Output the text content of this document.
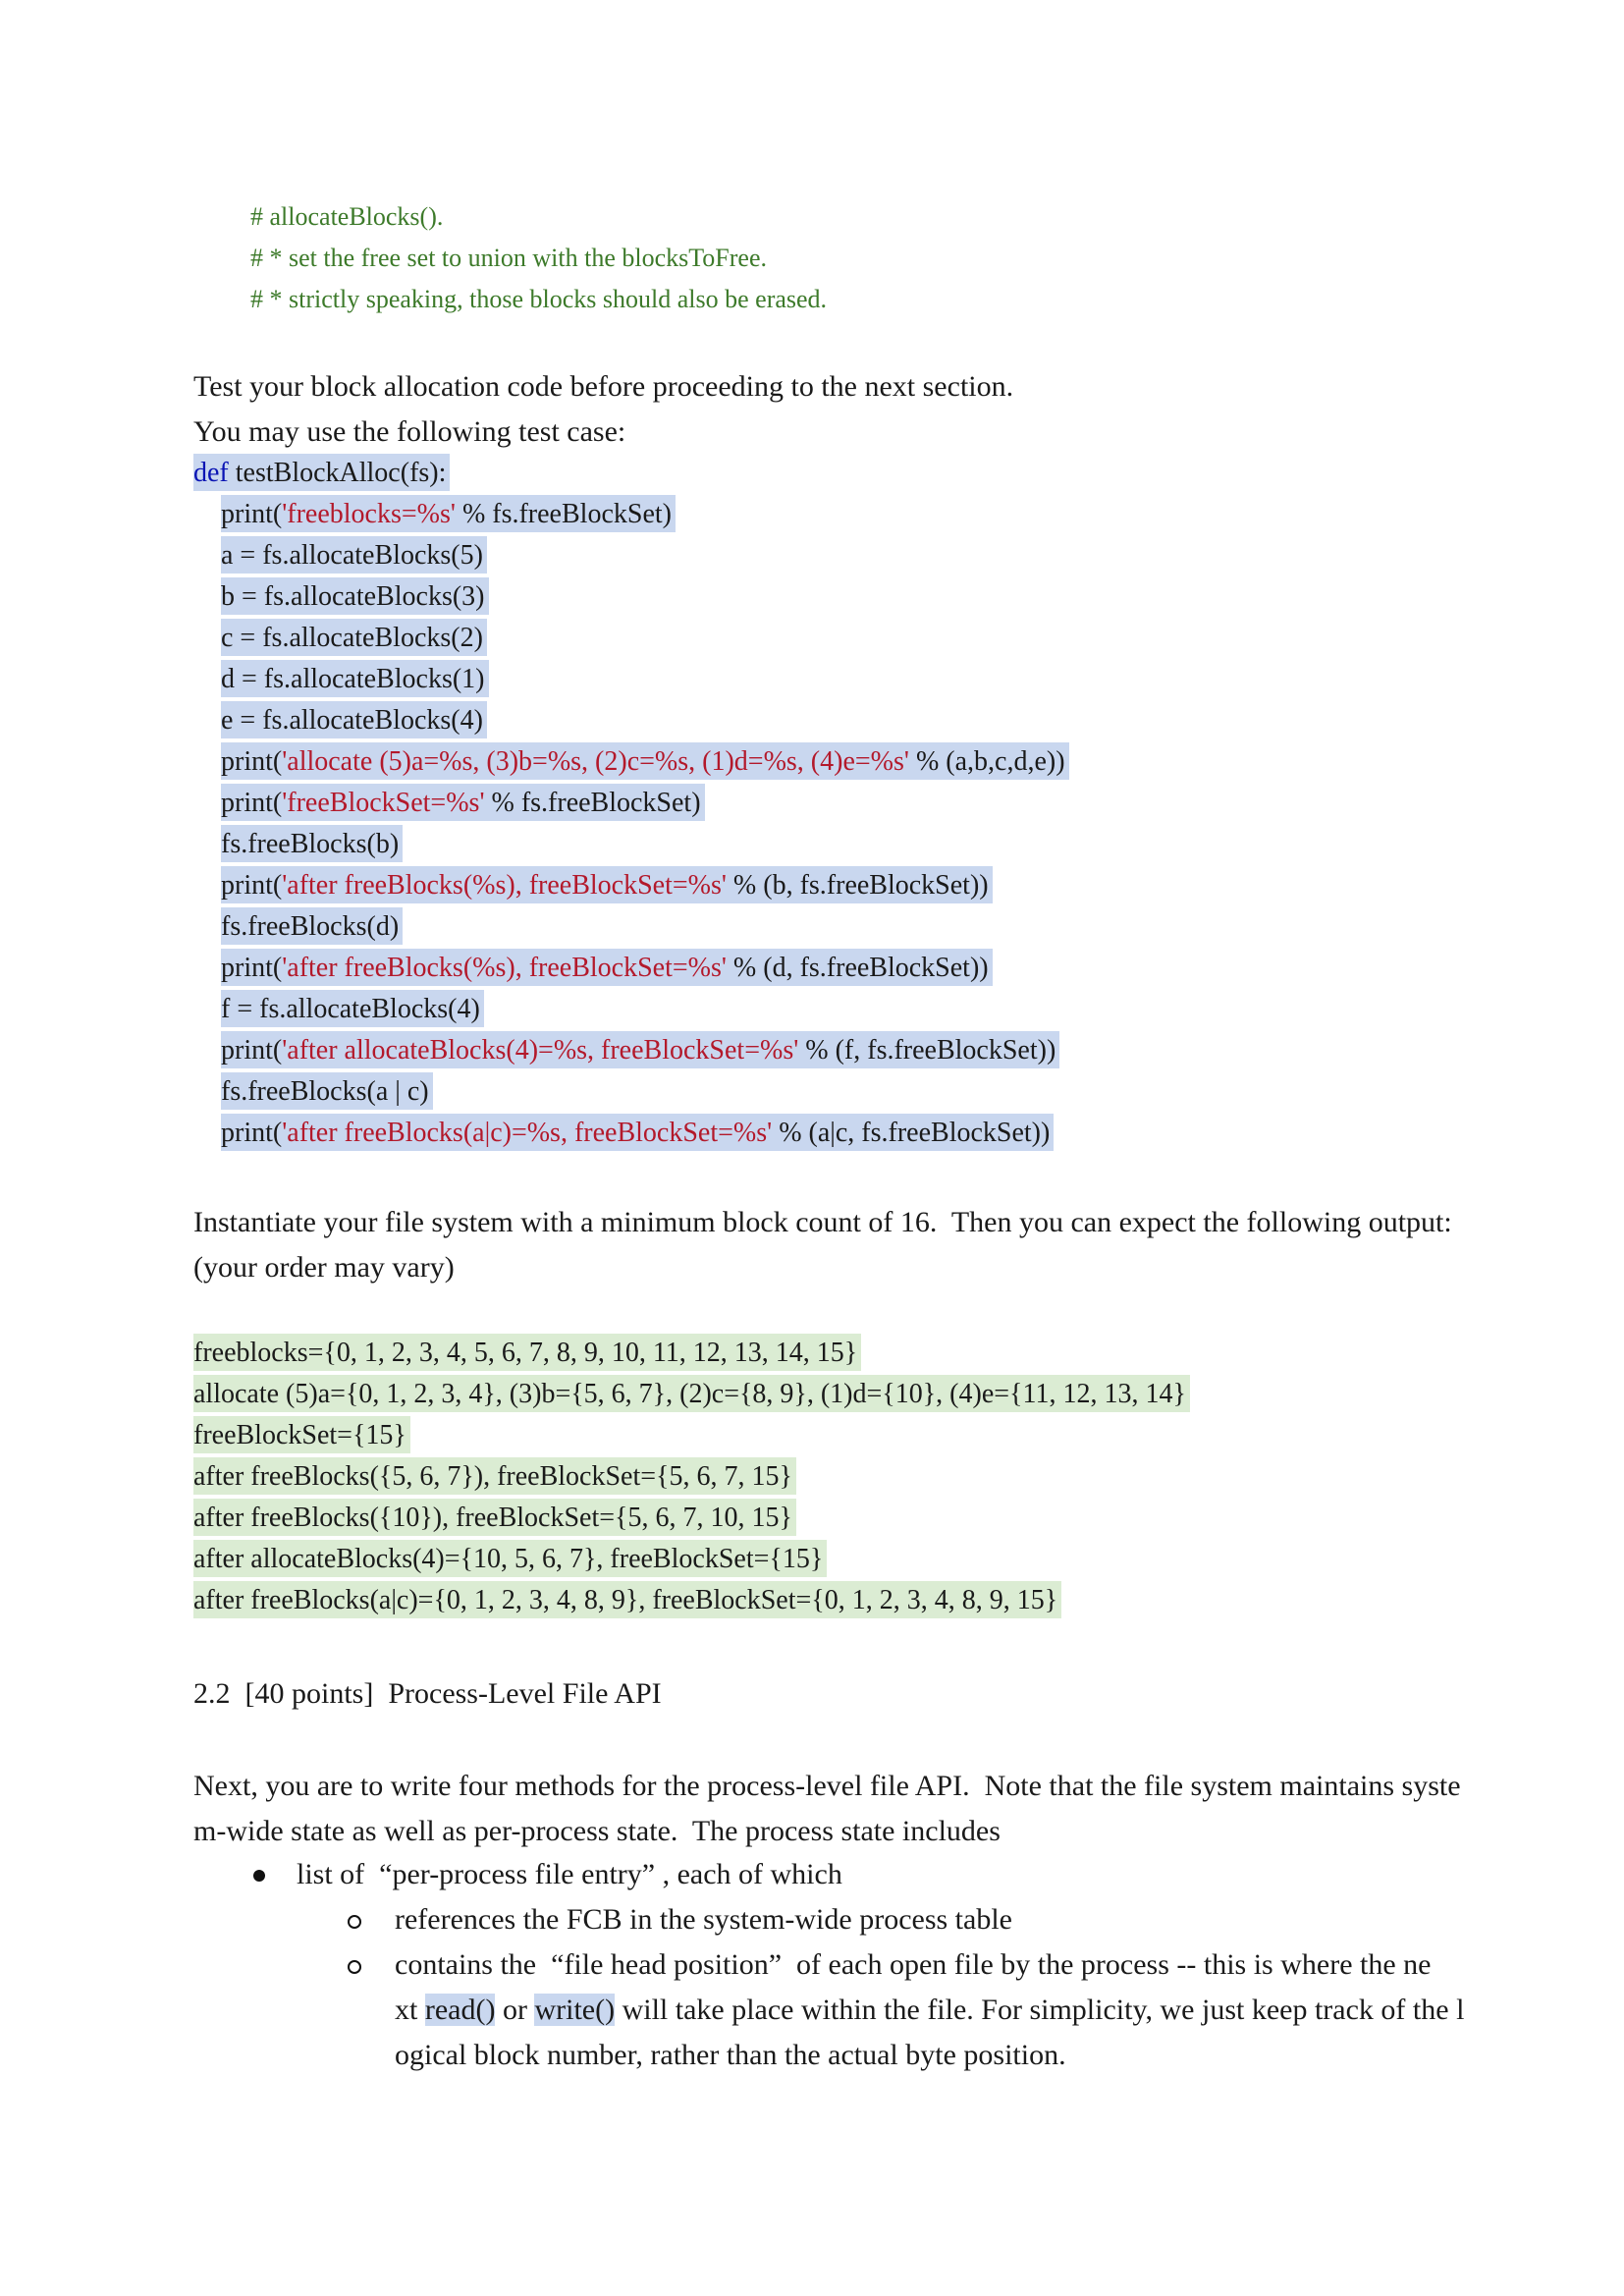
# allocateBlocks().
# * set the free set to union with the blocksToFree.
# * strictly speaking, those blocks should also be erased.
Test your block allocation code before proceeding to the next section.
You may use the following test case:
def testBlockAlloc(fs):
print('freeblocks=%s' % fs.freeBlockSet)
a = fs.allocateBlocks(5)
b = fs.allocateBlocks(3)
c = fs.allocateBlocks(2)
d = fs.allocateBlocks(1)
e = fs.allocateBlocks(4)
print('allocate (5)a=%s, (3)b=%s, (2)c=%s, (1)d=%s, (4)e=%s' % (a,b,c,d,e))
print('freeBlockSet=%s' % fs.freeBlockSet)
fs.freeBlocks(b)
print('after freeBlocks(%s), freeBlockSet=%s' % (b, fs.freeBlockSet))
fs.freeBlocks(d)
print('after freeBlocks(%s), freeBlockSet=%s' % (d, fs.freeBlockSet))
f = fs.allocateBlocks(4)
print('after allocateBlocks(4)=%s, freeBlockSet=%s' % (f, fs.freeBlockSet))
fs.freeBlocks(a | c)
print('after freeBlocks(a|c)=%s, freeBlockSet=%s' % (a|c, fs.freeBlockSet))
Instantiate your file system with a minimum block count of 16.  Then you can expect the following output:
(your order may vary)
freeblocks={0, 1, 2, 3, 4, 5, 6, 7, 8, 9, 10, 11, 12, 13, 14, 15}
allocate (5)a={0, 1, 2, 3, 4}, (3)b={5, 6, 7}, (2)c={8, 9}, (1)d={10}, (4)e={11, 12, 13, 14}
freeBlockSet={15}
after freeBlocks({5, 6, 7}), freeBlockSet={5, 6, 7, 15}
after freeBlocks({10}), freeBlockSet={5, 6, 7, 10, 15}
after allocateBlocks(4)={10, 5, 6, 7}, freeBlockSet={15}
after freeBlocks(a|c)={0, 1, 2, 3, 4, 8, 9}, freeBlockSet={0, 1, 2, 3, 4, 8, 9, 15}
2.2  [40 points]  Process-Level File API
Next, you are to write four methods for the process-level file API.  Note that the file system maintains syste
m-wide state as well as per-process state.  The process state includes
list of  “per-process file entry” , each of which
references the FCB in the system-wide process table
contains the  “file head position”  of each open file by the process -- this is where the ne
xt read() or write() will take place within the file. For simplicity, we just keep track of the l
ogical block number, rather than the actual byte position.
